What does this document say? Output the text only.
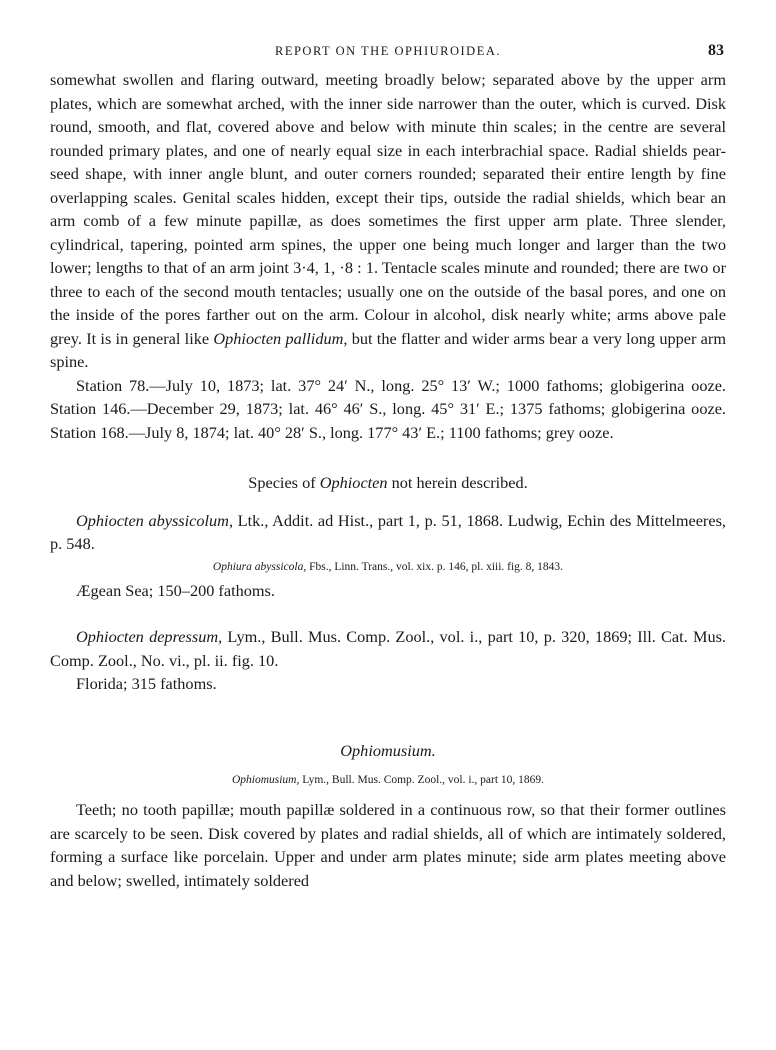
REPORT ON THE OPHIUROIDEA.	83

somewhat swollen and flaring outward, meeting broadly below; separated above by the upper arm plates, which are somewhat arched, with the inner side narrower than the outer, which is curved. Disk round, smooth, and flat, covered above and below with minute thin scales; in the centre are several rounded primary plates, and one of nearly equal size in each interbrachial space. Radial shields pear-seed shape, with inner angle blunt, and outer corners rounded; separated their entire length by fine overlapping scales. Genital scales hidden, except their tips, outside the radial shields, which bear an arm comb of a few minute papillæ, as does sometimes the first upper arm plate. Three slender, cylindrical, tapering, pointed arm spines, the upper one being much longer and larger than the two lower; lengths to that of an arm joint 3·4, 1, ·8 : 1. Tentacle scales minute and rounded; there are two or three to each of the second mouth tentacles; usually one on the outside of the basal pores, and one on the inside of the pores farther out on the arm. Colour in alcohol, disk nearly white; arms above pale grey. It is in general like Ophiocten pallidum, but the flatter and wider arms bear a very long upper arm spine.

Station 78.—July 10, 1873; lat. 37° 24′ N., long. 25° 13′ W.; 1000 fathoms; globigerina ooze. Station 146.—December 29, 1873; lat. 46° 46′ S., long. 45° 31′ E.; 1375 fathoms; globigerina ooze. Station 168.—July 8, 1874; lat. 40° 28′ S., long. 177° 43′ E.; 1100 fathoms; grey ooze.

Species of Ophiocten not herein described.

Ophiocten abyssicolum, Ltk., Addit. ad Hist., part 1, p. 51, 1868. Ludwig, Echin des Mittelmeeres, p. 548.

Ophiura abyssicola, Fbs., Linn. Trans., vol. xix. p. 146, pl. xiii. fig. 8, 1843.

Ægean Sea; 150–200 fathoms.

Ophiocten depressum, Lym., Bull. Mus. Comp. Zool., vol. i., part 10, p. 320, 1869; Ill. Cat. Mus. Comp. Zool., No. vi., pl. ii. fig. 10.

Florida; 315 fathoms.

Ophiomusium.

Ophiomusium, Lym., Bull. Mus. Comp. Zool., vol. i., part 10, 1869.

Teeth; no tooth papillæ; mouth papillæ soldered in a continuous row, so that their former outlines are scarcely to be seen. Disk covered by plates and radial shields, all of which are intimately soldered, forming a surface like porcelain. Upper and under arm plates minute; side arm plates meeting above and below; swelled, intimately soldered
